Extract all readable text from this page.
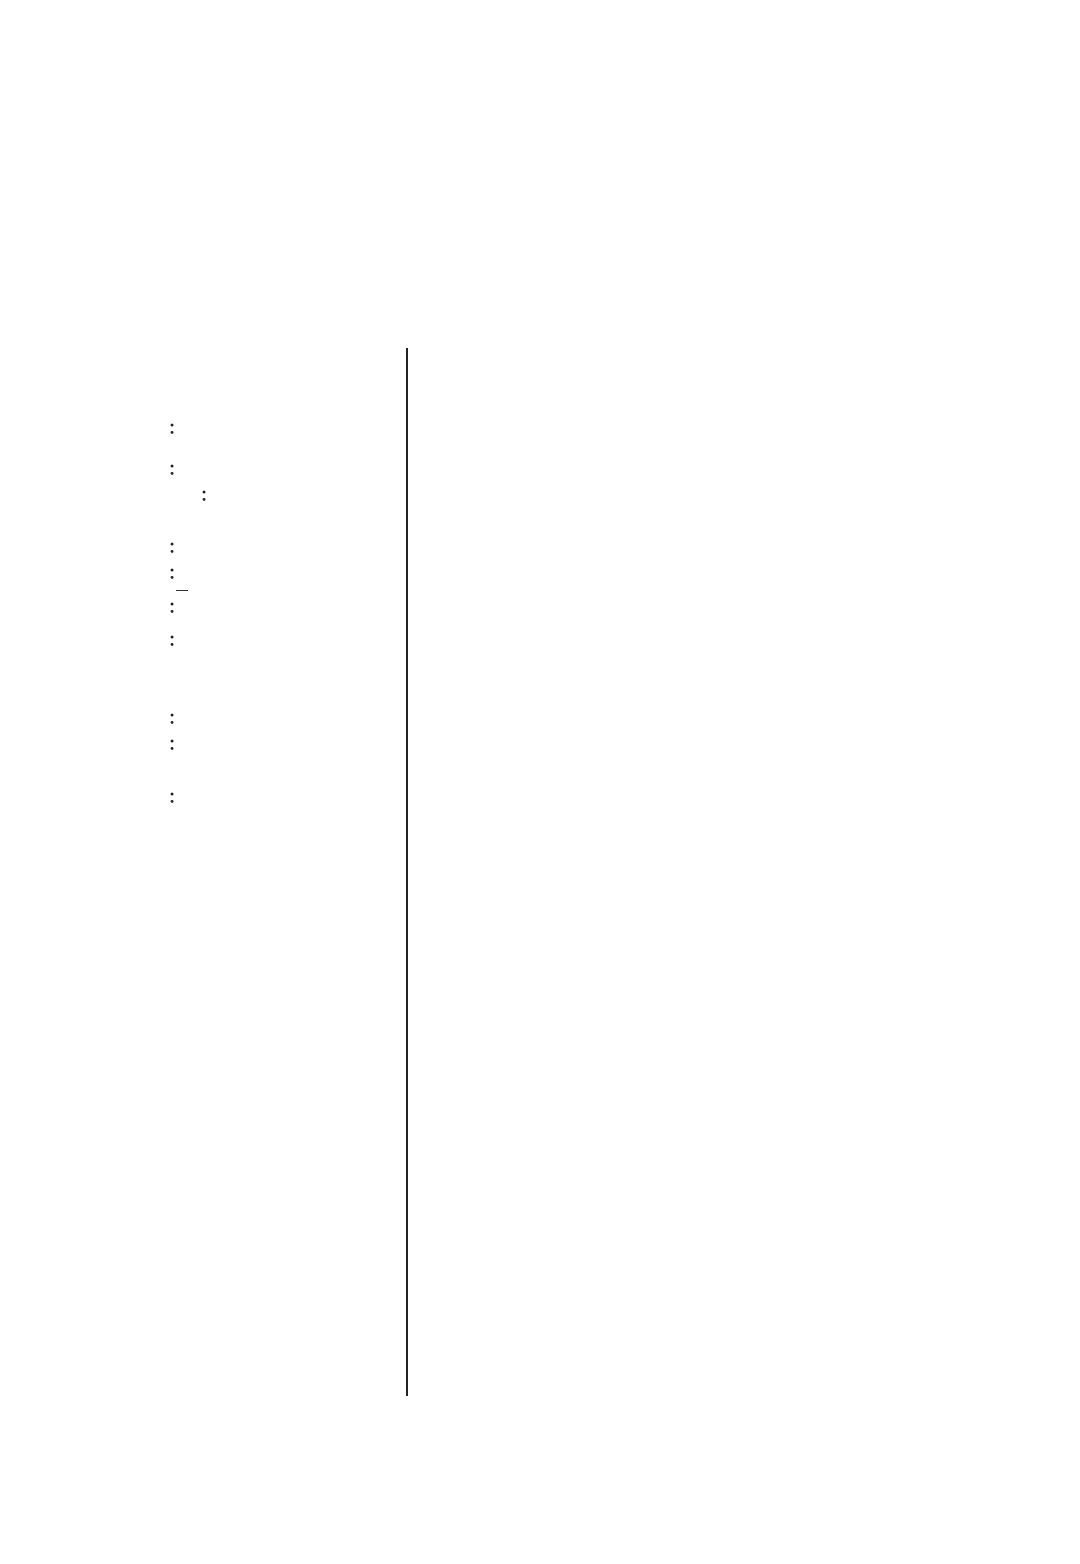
：
：
：
：
：
：
：
：
：
：
